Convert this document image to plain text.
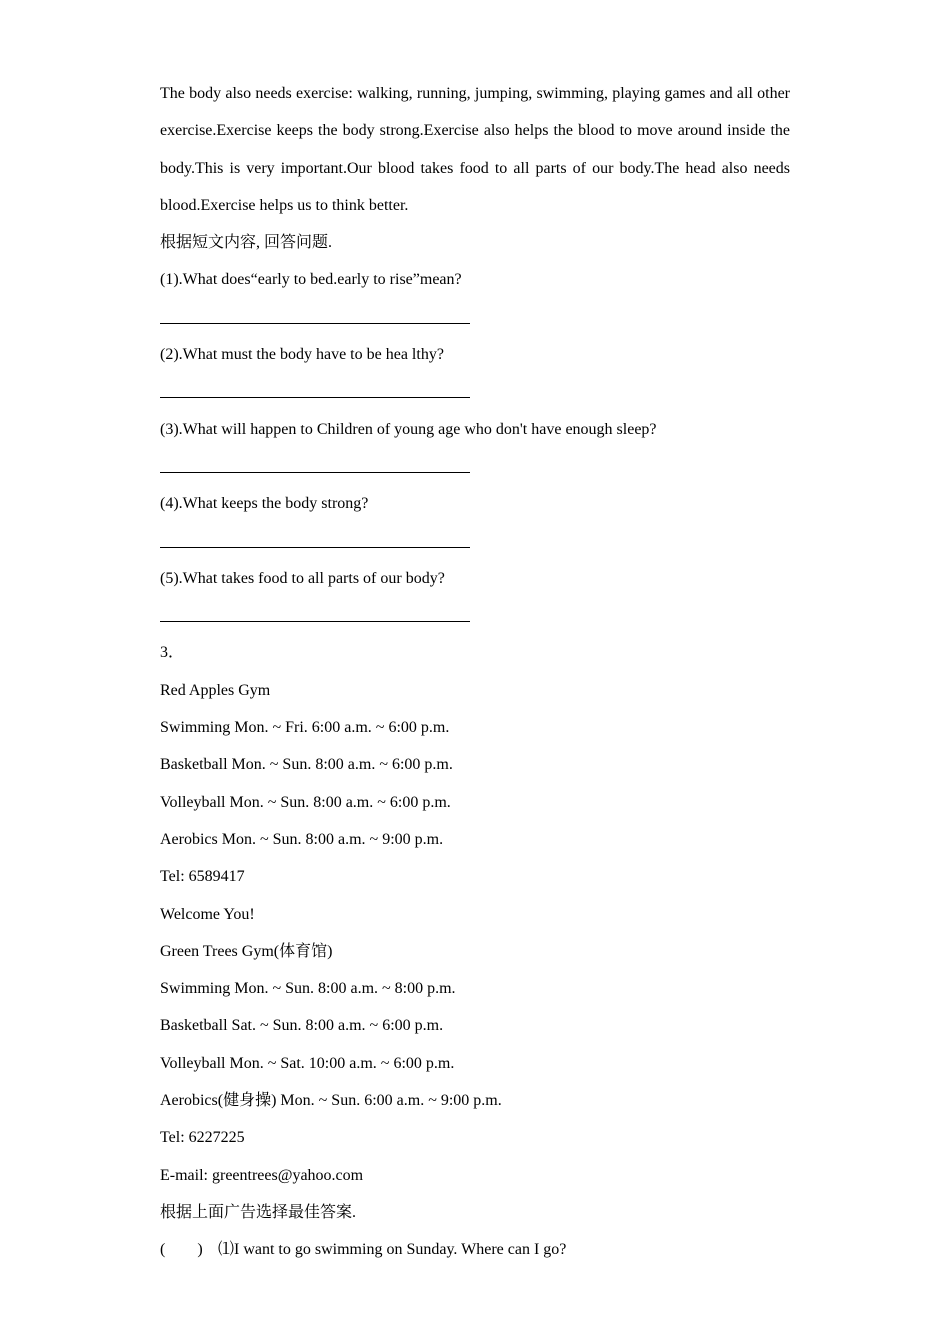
The body also needs exercise: walking, running, jumping, swimming, playing games and all other exercise.Exercise keeps the body strong.Exercise also helps the blood to move around inside the body.This is very important.Our blood takes food to all parts of our body.The head also needs blood.Exercise helps us to think better.

根据短文内容, 回答问题.
(1).What does“early to bed.early to rise”mean?
(2).What must the body have to be hea lthy?
(3).What will happen to Children of young age who don't have enough sleep?
(4).What keeps the body strong?
(5).What takes food to all parts of our body?
3．
Red Apples Gym
Swimming Mon. ~ Fri. 6:00 a.m. ~ 6:00 p.m.
Basketball Mon. ~ Sun. 8:00 a.m. ~ 6:00 p.m.
Volleyball Mon. ~ Sun. 8:00 a.m. ~ 6:00 p.m.
Aerobics Mon. ~ Sun. 8:00 a.m. ~ 9:00 p.m.
Tel: 6589417
Welcome You!
Green Trees Gym(体育馆)
Swimming Mon. ~ Sun. 8:00 a.m. ~ 8:00 p.m.
Basketball Sat. ~ Sun. 8:00 a.m. ~ 6:00 p.m.
Volleyball Mon. ~ Sat. 10:00 a.m. ~ 6:00 p.m.
Aerobics(健身操) Mon. ~ Sun. 6:00 a.m. ~ 9:00 p.m.
Tel: 6227225
E-mail: greentrees@yahoo.com
根据上面广告选择最佳答案.
(        ) ⑴I want to go swimming on Sunday. Where can I go?
